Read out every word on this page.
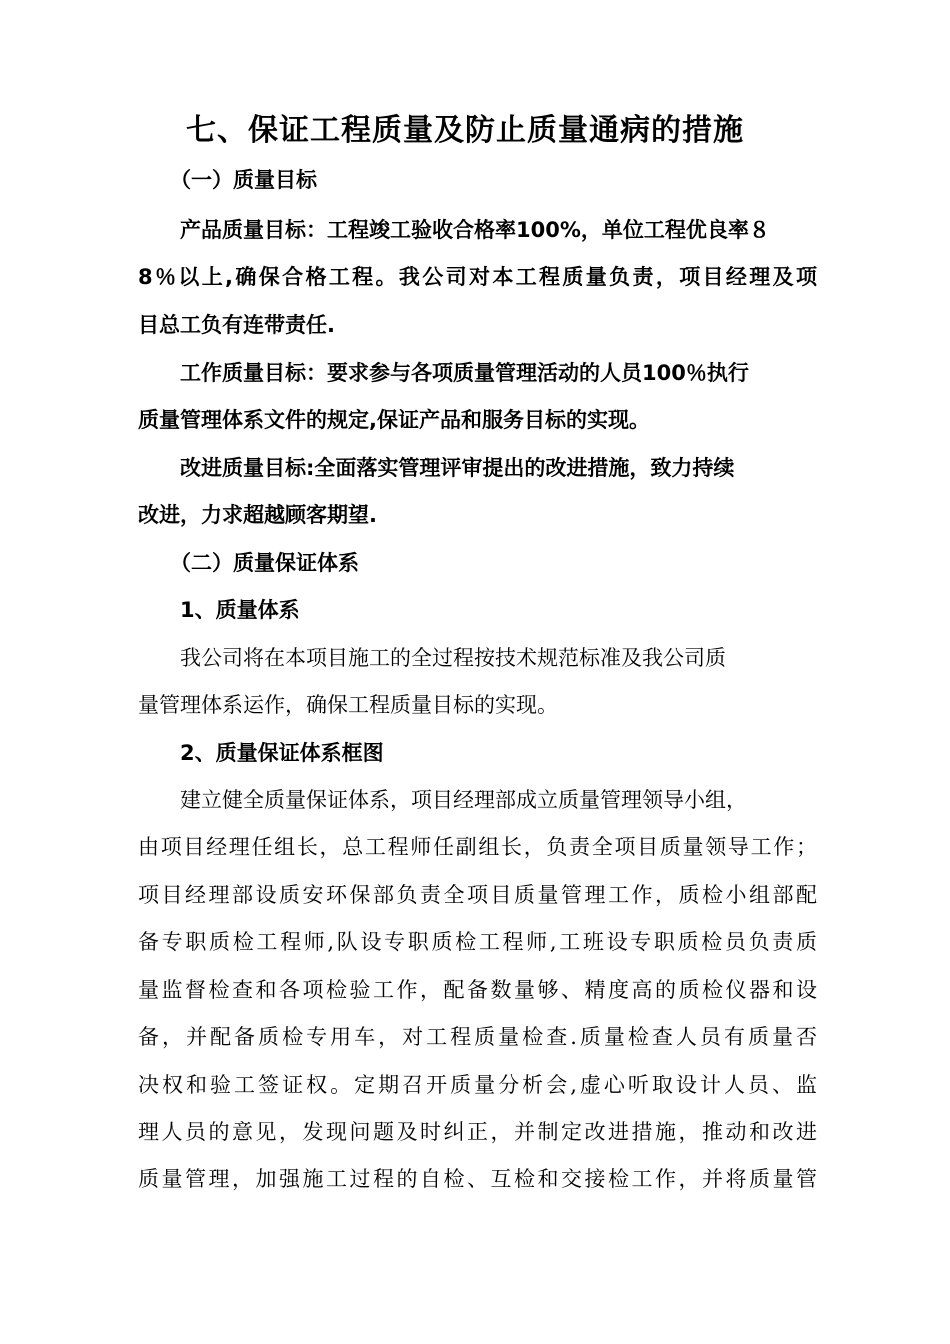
七、保证工程质量及防止质量通病的措施

（一）质量目标

产品质量目标：工程竣工验收合格率100%，单位工程优良率８

8％以上,确保合格工程。我公司对本工程质量负责，项目经理及项

目总工负有连带责任.

工作质量目标：要求参与各项质量管理活动的人员100％执行

质量管理体系文件的规定,保证产品和服务目标的实现。

改进质量目标:全面落实管理评审提出的改进措施，致力持续

改进，力求超越顾客期望.

（二）质量保证体系

1、质量体系

我公司将在本项目施工的全过程按技术规范标准及我公司质

量管理体系运作，确保工程质量目标的实现。

2、质量保证体系框图

建立健全质量保证体系，项目经理部成立质量管理领导小组，

由项目经理任组长，总工程师任副组长，负责全项目质量领导工作；

项目经理部设质安环保部负责全项目质量管理工作，质检小组部配

备专职质检工程师,队设专职质检工程师,工班设专职质检员负责质

量监督检查和各项检验工作，配备数量够、精度高的质检仪器和设

备，并配备质检专用车，对工程质量检查.质量检查人员有质量否

决权和验工签证权。定期召开质量分析会,虚心听取设计人员、监

理人员的意见，发现问题及时纠正，并制定改进措施，推动和改进

质量管理，加强施工过程的自检、互检和交接检工作，并将质量管
